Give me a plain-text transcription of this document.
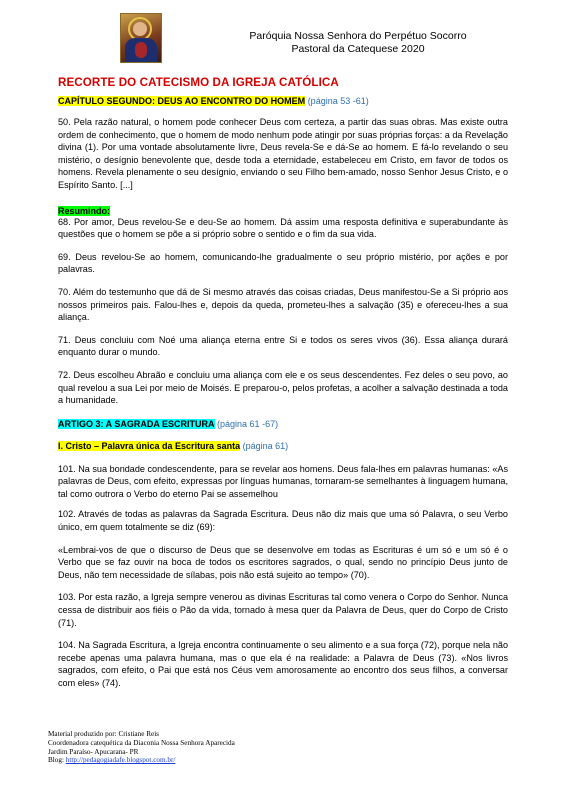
Paróquia Nossa Senhora do Perpétuo Socorro
Pastoral da Catequese 2020
RECORTE DO CATECISMO DA IGREJA CATÓLICA
CAPÍTULO SEGUNDO: DEUS AO ENCONTRO DO HOMEM (página 53 -61)

50. Pela razão natural, o homem pode conhecer Deus com certeza, a partir das suas obras. Mas existe outra ordem de conhecimento, que o homem de modo nenhum pode atingir por suas próprias forças: a da Revelação divina (1). Por uma vontade absolutamente livre, Deus revela-Se e dá-Se ao homem. E fá-lo revelando o seu mistério, o desígnio benevolente que, desde toda a eternidade, estabeleceu em Cristo, em favor de todos os homens. Revela plenamente o seu desígnio, enviando o seu Filho bem-amado, nosso Senhor Jesus Cristo, e o Espírito Santo. [...]

Resumindo:

68. Por amor, Deus revelou-Se e deu-Se ao homem. Dá assim uma resposta definitiva e superabundante às questões que o homem se põe a si próprio sobre o sentido e o fim da sua vida.

69. Deus revelou-Se ao homem, comunicando-lhe gradualmente o seu próprio mistério, por ações e por palavras.

70. Além do testemunho que dá de Si mesmo através das coisas criadas, Deus manifestou-Se a Si próprio aos nossos primeiros pais. Falou-lhes e, depois da queda, prometeu-lhes a salvação (35) e ofereceu-lhes a sua aliança.

71. Deus concluiu com Noé uma aliança eterna entre Si e todos os seres vivos (36). Essa aliança durará enquanto durar o mundo.

72. Deus escolheu Abraão e concluiu uma aliança com ele e os seus descendentes. Fez deles o seu povo, ao qual revelou a sua Lei por meio de Moisés. E preparou-o, pelos profetas, a acolher a salvação destinada a toda a humanidade.

ARTIGO 3: A SAGRADA ESCRITURA (página 61 -67)
I. Cristo – Palavra única da Escritura santa (página 61)

101. Na sua bondade condescendente, para se revelar aos homens. Deus fala-lhes em palavras humanas: «As palavras de Deus, com efeito, expressas por línguas humanas, tornaram-se semelhantes à linguagem humana, tal como outrora o Verbo do eterno Pai se assemelhou

102. Através de todas as palavras da Sagrada Escritura. Deus não diz mais que uma só Palavra, o seu Verbo único, em quem totalmente se diz (69):

«Lembrai-vos de que o discurso de Deus que se desenvolve em todas as Escrituras é um só e um só é o Verbo que se faz ouvir na boca de todos os escritores sagrados, o qual, sendo no princípio Deus junto de Deus, não tem necessidade de sílabas, pois não está sujeito ao tempo» (70).

103. Por esta razão, a Igreja sempre venerou as divinas Escrituras tal como venera o Corpo do Senhor. Nunca cessa de distribuir aos fiéis o Pão da vida, tornado à mesa quer da Palavra de Deus, quer do Corpo de Cristo (71).

104. Na Sagrada Escritura, a Igreja encontra continuamente o seu alimento e a sua força (72), porque nela não recebe apenas uma palavra humana, mas o que ela é na realidade: a Palavra de Deus (73). «Nos livros sagrados, com efeito, o Pai que está nos Céus vem amorosamente ao encontro dos seus filhos, a conversar com eles» (74).

Material produzido por: Cristiane Reis
Coordenadora catequética da Diaconia Nossa Senhora Aparecida
Jardim Paraíso- Apucarana- PR
Blog: http://pedagogiadafe.blogspot.com.br/
